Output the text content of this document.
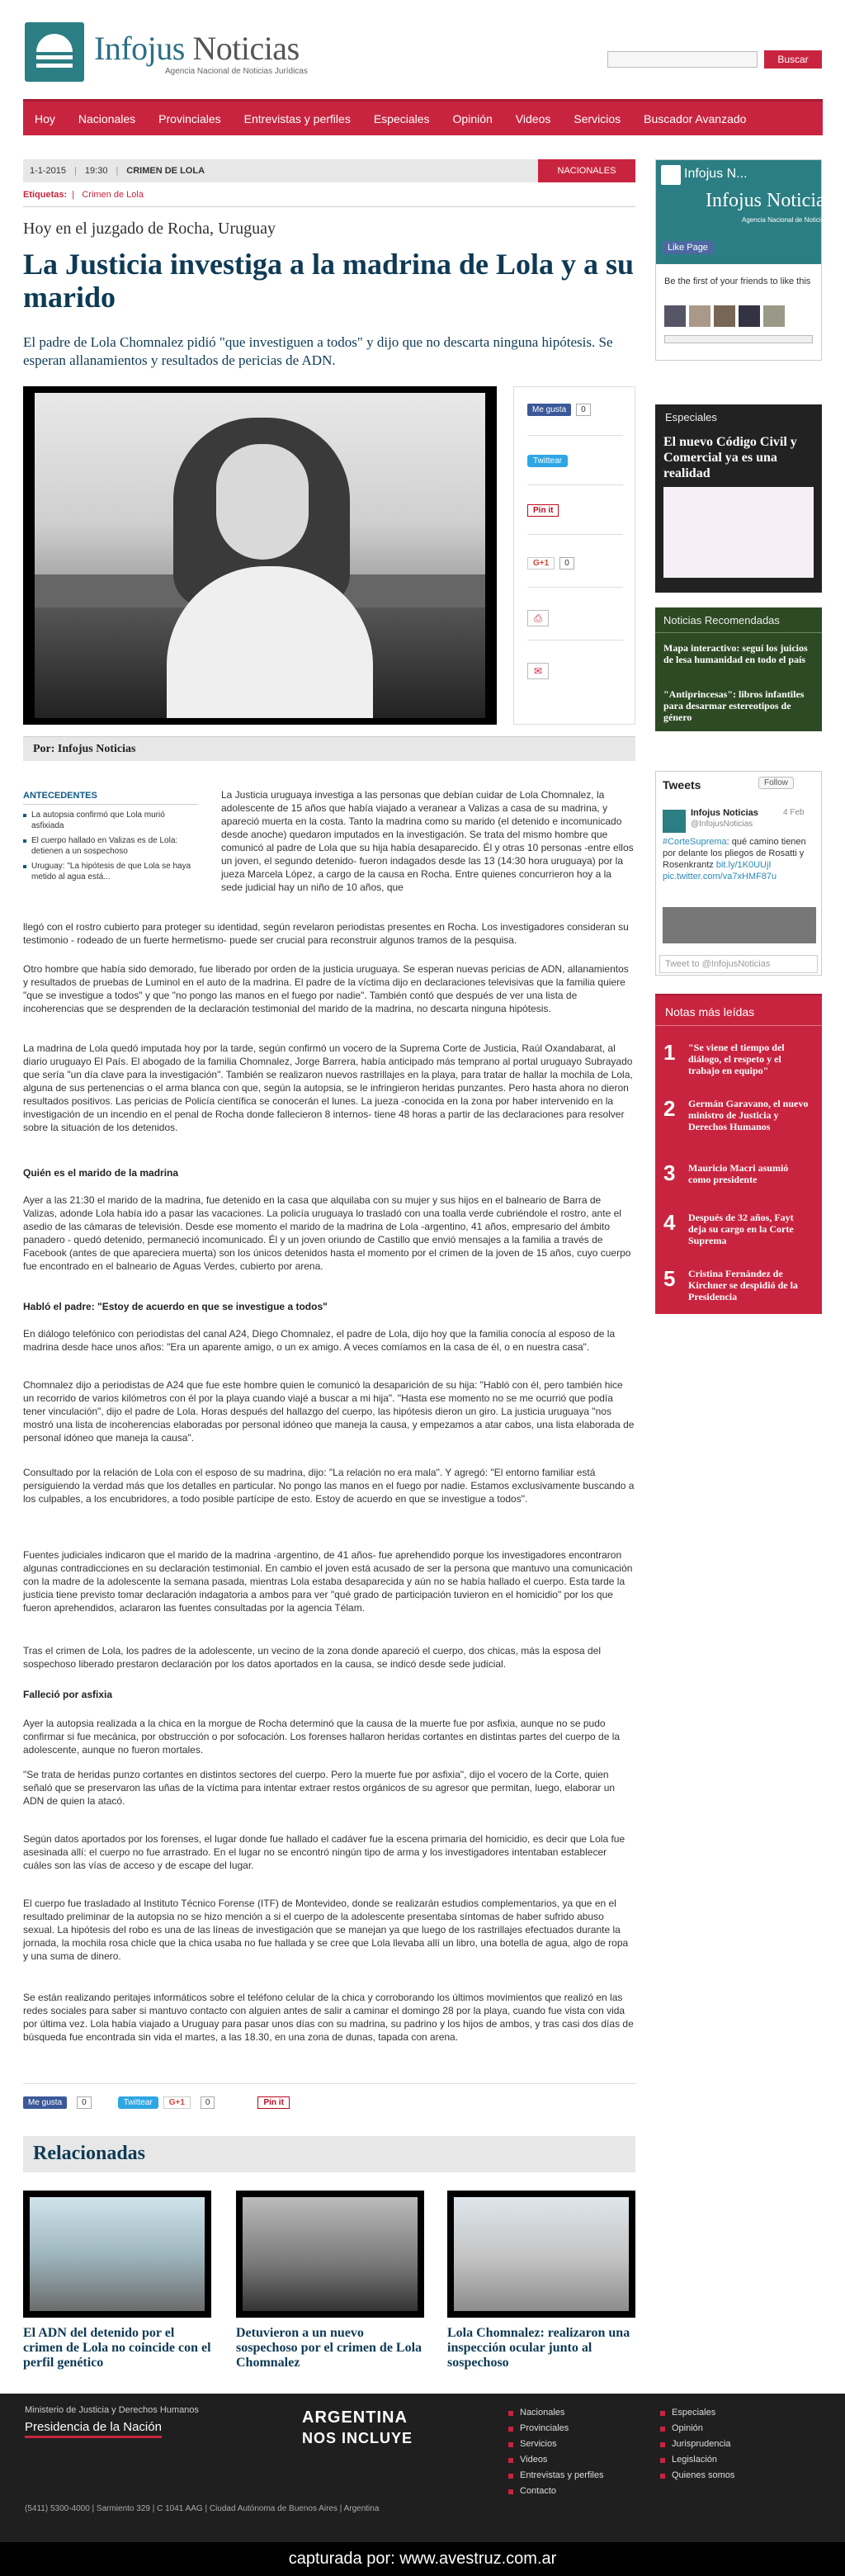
Infojus Noticias
Agencia Nacional de Noticias Jurídicas
Buscar
Hoy Nacionales Provinciales Entrevistas y perfiles Especiales Opinión Videos Servicios Buscador Avanzado
1-1-2015 | 19:30 | CRIMEN DE LOLA	NACIONALES
Etiquetas:  |   Crimen de Lola
Hoy en el juzgado de Rocha, Uruguay
La Justicia investiga a la madrina de Lola y a su marido

El padre de Lola Chomnalez pidió "que investiguen a todos" y dijo que no descarta ninguna hipótesis. Se esperan allanamientos y resultados de pericias de ADN.

Me gusta	0
Twittear
Pin it
G+1	0
⎙
✉
Por: Infojus Noticias
ANTECEDENTES
La autopsia confirmó que Lola murió asfixiada
El cuerpo hallado en Valizas es de Lola: detienen a un sospechoso
Uruguay: "La hipótesis de que Lola se haya metido al agua está...

La Justicia uruguaya investiga a las personas que debían cuidar de Lola Chomnalez, la adolescente de 15 años que había viajado a veranear a Valizas a casa de su madrina, y apareció muerta en la costa. Tanto la madrina como su marido (el detenido e incomunicado desde anoche) quedaron imputados en la investigación. Se trata del mismo hombre que comunicó al padre de Lola que su hija había desaparecido. Él y otras 10 personas -entre ellos un joven, el segundo detenido- fueron indagados desde las 13 (14:30 hora uruguaya) por la jueza Marcela López, a cargo de la causa en Rocha. Entre quienes concurrieron hoy a la sede judicial hay un niño de 10 años, que

llegó con el rostro cubierto para proteger su identidad, según revelaron periodistas presentes en Rocha. Los investigadores consideran su testimonio - rodeado de un fuerte hermetismo- puede ser crucial para reconstruir algunos tramos de la pesquisa.

Otro hombre que había sido demorado, fue liberado por orden de la justicia uruguaya. Se esperan nuevas pericias de ADN, allanamientos y resultados de pruebas de Luminol en el auto de la madrina. El padre de la víctima dijo en declaraciones televisivas que la familia quiere "que se investigue a todos" y que "no pongo las manos en el fuego por nadie". También contó que después de ver una lista de incoherencias que se desprenden de la declaración testimonial del marido de la madrina, no descarta ninguna hipótesis.

La madrina de Lola quedó imputada hoy por la tarde, según confirmó un vocero de la Suprema Corte de Justicia, Raúl Oxandabarat, al diario uruguayo El País. El abogado de la familia Chomnalez, Jorge Barrera, había anticipado más temprano al portal uruguayo Subrayado que sería "un día clave para la investigación". También se realizaron nuevos rastrillajes en la playa, para tratar de hallar la mochila de Lola, alguna de sus pertenencias o el arma blanca con que, según la autopsia, se le infringieron heridas punzantes. Pero hasta ahora no dieron resultados positivos. Las pericias de Policía científica se conocerán el lunes. La jueza -conocida en la zona por haber intervenido en la investigación de un incendio en el penal de Rocha donde fallecieron 8 internos- tiene 48 horas a partir de las declaraciones para resolver sobre la situación de los detenidos.

Quién es el marido de la madrina

Ayer a las 21:30 el marido de la madrina, fue detenido en la casa que alquilaba con su mujer y sus hijos en el balneario de Barra de Valizas, adonde Lola había ido a pasar las vacaciones. La policía uruguaya lo trasladó con una toalla verde cubriéndole el rostro, ante el asedio de las cámaras de televisión. Desde ese momento el marido de la madrina de Lola -argentino, 41 años, empresario del ámbito panadero - quedó detenido, permaneció incomunicado. Él y un joven oriundo de Castillo que envió mensajes a la familia a través de Facebook (antes de que apareciera muerta) son los únicos detenidos hasta el momento por el crimen de la joven de 15 años, cuyo cuerpo fue encontrado en el balneario de Aguas Verdes, cubierto por arena.

Habló el padre: "Estoy de acuerdo en que se investigue a todos"

En diálogo telefónico con periodistas del canal A24, Diego Chomnalez, el padre de Lola, dijo hoy que la familia conocía al esposo de la madrina desde hace unos años: "Era un aparente amigo, o un ex amigo. A veces comíamos en la casa de él, o en nuestra casa".

Chomnalez dijo a periodistas de A24 que fue este hombre quien le comunicó la desaparición de su hija: "Habló con él, pero también hice un recorrido de varios kilómetros con él por la playa cuando viajé a buscar a mi hija". "Hasta ese momento no se me ocurrió que podía tener vinculación", dijo el padre de Lola. Horas después del hallazgo del cuerpo, las hipótesis dieron un giro. La justicia uruguaya "nos mostró una lista de incoherencias elaboradas por personal idóneo que maneja la causa, y empezamos a atar cabos, una lista elaborada de personal idóneo que maneja la causa".

Consultado por la relación de Lola con el esposo de su madrina, dijo: "La relación no era mala". Y agregó: "El entorno familiar está persiguiendo la verdad más que los detalles en particular. No pongo las manos en el fuego por nadie. Estamos exclusivamente buscando a los culpables, a los encubridores, a todo posible partícipe de esto. Estoy de acuerdo en que se investigue a todos".

Fuentes judiciales indicaron que el marido de la madrina -argentino, de 41 años- fue aprehendido porque los investigadores encontraron algunas contradicciones en su declaración testimonial. En cambio el joven está acusado de ser la persona que mantuvo una comunicación con la madre de la adolescente la semana pasada, mientras Lola estaba desaparecida y aún no se había hallado el cuerpo. Esta tarde la justicia tiene previsto tomar declaración indagatoria a ambos para ver "qué grado de participación tuvieron en el homicidio" por los que fueron aprehendidos, aclararon las fuentes consultadas por la agencia Télam.

Tras el crimen de Lola, los padres de la adolescente, un vecino de la zona donde apareció el cuerpo, dos chicas, más la esposa del sospechoso liberado prestaron declaración por los datos aportados en la causa, se indicó desde sede judicial.

Falleció por asfixia

Ayer la autopsia realizada a la chica en la morgue de Rocha determinó que la causa de la muerte fue por asfixia, aunque no se pudo confirmar si fue mecánica, por obstrucción o por sofocación. Los forenses hallaron heridas cortantes en distintas partes del cuerpo de la adolescente, aunque no fueron mortales.

"Se trata de heridas punzo cortantes en distintos sectores del cuerpo. Pero la muerte fue por asfixia", dijo el vocero de la Corte, quien señaló que se preservaron las uñas de la víctima para intentar extraer restos orgánicos de su agresor que permitan, luego, elaborar un ADN de quien la atacó.

Según datos aportados por los forenses, el lugar donde fue hallado el cadáver fue la escena primaria del homicidio, es decir que Lola fue asesinada allí: el cuerpo no fue arrastrado. En el lugar no se encontró ningún tipo de arma y los investigadores intentaban establecer cuáles son las vías de acceso y de escape del lugar.

El cuerpo fue trasladado al Instituto Técnico Forense (ITF) de Montevideo, donde se realizarán estudios complementarios, ya que en el resultado preliminar de la autopsia no se hizo mención a si el cuerpo de la adolescente presentaba síntomas de haber sufrido abuso sexual. La hipótesis del robo es una de las líneas de investigación que se manejan ya que luego de los rastrillajes efectuados durante la jornada, la mochila rosa chicle que la chica usaba no fue hallada y se cree que Lola llevaba allí un libro, una botella de agua, algo de ropa y una suma de dinero.

Se están realizando peritajes informáticos sobre el teléfono celular de la chica y corroborando los últimos movimientos que realizó en las redes sociales para saber si mantuvo contacto con alguien antes de salir a caminar el domingo 28 por la playa, cuando fue vista con vida por última vez. Lola había viajado a Uruguay para pasar unos días con su madrina, su padrino y los hijos de ambos, y tras casi dos días de búsqueda fue encontrada sin vida el martes, a las 18.30, en una zona de dunas, tapada con arena.

Me gusta	0	Twittear	G+1	0	Pin it
Relacionadas
El ADN del detenido por el crimen de Lola no coincide con el perfil genético
Detuvieron a un nuevo sospechoso por el crimen de Lola Chomnalez
Lola Chomnalez: realizaron una inspección ocular junto al sospechoso
Infojus N...
Infojus Noticias
Agencia Nacional de Noticias
Like Page
Be the first of your friends to like this
Especiales
El nuevo Código Civil y Comercial ya es una realidad
Noticias Recomendadas
Mapa interactivo: seguí los juicios de lesa humanidad en todo el país
"Antiprincesas": libros infantiles para desarmar estereotipos de género
Tweets	Follow
Infojus Noticias
@InfojusNoticias
4 Feb
#CorteSuprema: qué camino tienen por delante los pliegos de Rosatti y Rosenkrantz bit.ly/1K0UUjI pic.twitter.com/va7xHMF87u
Tweet to @InfojusNoticias
Notas más leídas
1 "Se viene el tiempo del diálogo, el respeto y el trabajo en equipo"
2 Germán Garavano, el nuevo ministro de Justicia y Derechos Humanos
3 Mauricio Macri asumió como presidente
4 Después de 32 años, Fayt deja su cargo en la Corte Suprema
5 Cristina Fernández de Kirchner se despidió de la Presidencia
Ministerio de Justicia y Derechos Humanos
Presidencia de la Nación
ARGENTINA
NOS INCLUYE
(5411) 5300-4000 | Sarmiento 329 | C 1041 AAG | Ciudad Autónoma de Buenos Aires | Argentina
Nacionales
Provinciales
Servicios
Videos
Entrevistas y perfiles
Contacto
Especiales
Opinión
Jurisprudencia
Legislación
Quienes somos
capturada por: www.avestruz.com.ar
